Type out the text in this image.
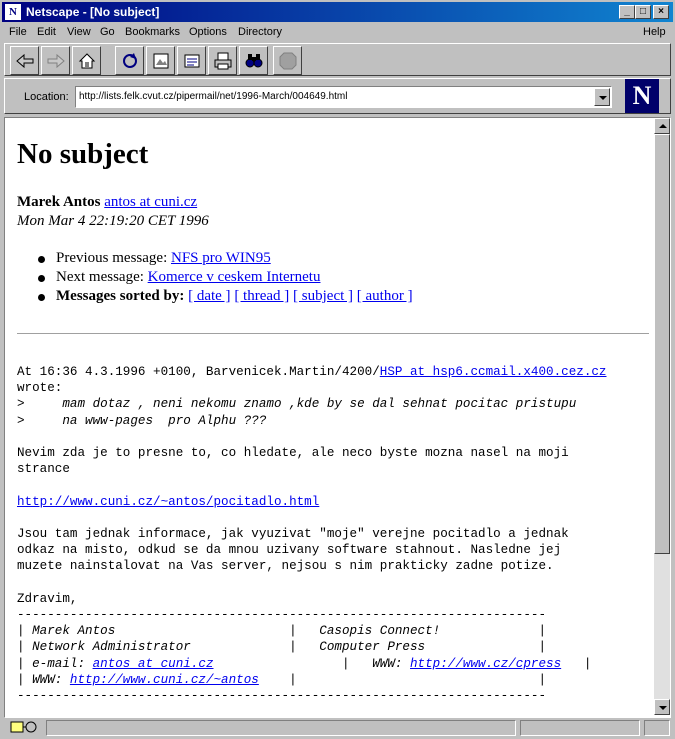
N Netscape - [No subject]	_	□	×
File Edit View Go Bookmarks Options Directory	Help
Location: http://lists.felk.cvut.cz/pipermail/net/1996-March/004649.html	N
No subject
Marek Antos antos at cuni.cz
Mon Mar 4 22:19:20 CET 1996
Previous message: NFS pro WIN95
Next message: Komerce v ceskem Internetu
Messages sorted by: [ date ] [ thread ] [ subject ] [ author ]
At 16:36 4.3.1996 +0100, Barvenicek.Martin/4200/HSP at hsp6.ccmail.x400.cez.cz
wrote:
>     mam dotaz , neni nekomu znamo ,kde by se dal sehnat pocitac pristupu
>     na www-pages  pro Alphu ???

Nevim zda je to presne to, co hledate, ale neco byste mozna nasel na moji
strance

http://www.cuni.cz/~antos/pocitadlo.html

Jsou tam jednak informace, jak vyuzivat "moje" verejne pocitadlo a jednak
odkaz na misto, odkud se da mnou uzivany software stahnout. Nasledne jej
muzete nainstalovat na Vas server, nejsou s nim prakticky zadne potize.

Zdravim,
----------------------------------------------------------------------
| Marek Antos                       |   Casopis Connect!             |
| Network Administrator             |   Computer Press               |
| e-mail: antos at cuni.cz                 |   WWW: http://www.cz/cpress   |
| WWW: http://www.cuni.cz/~antos    |                                |
----------------------------------------------------------------------
